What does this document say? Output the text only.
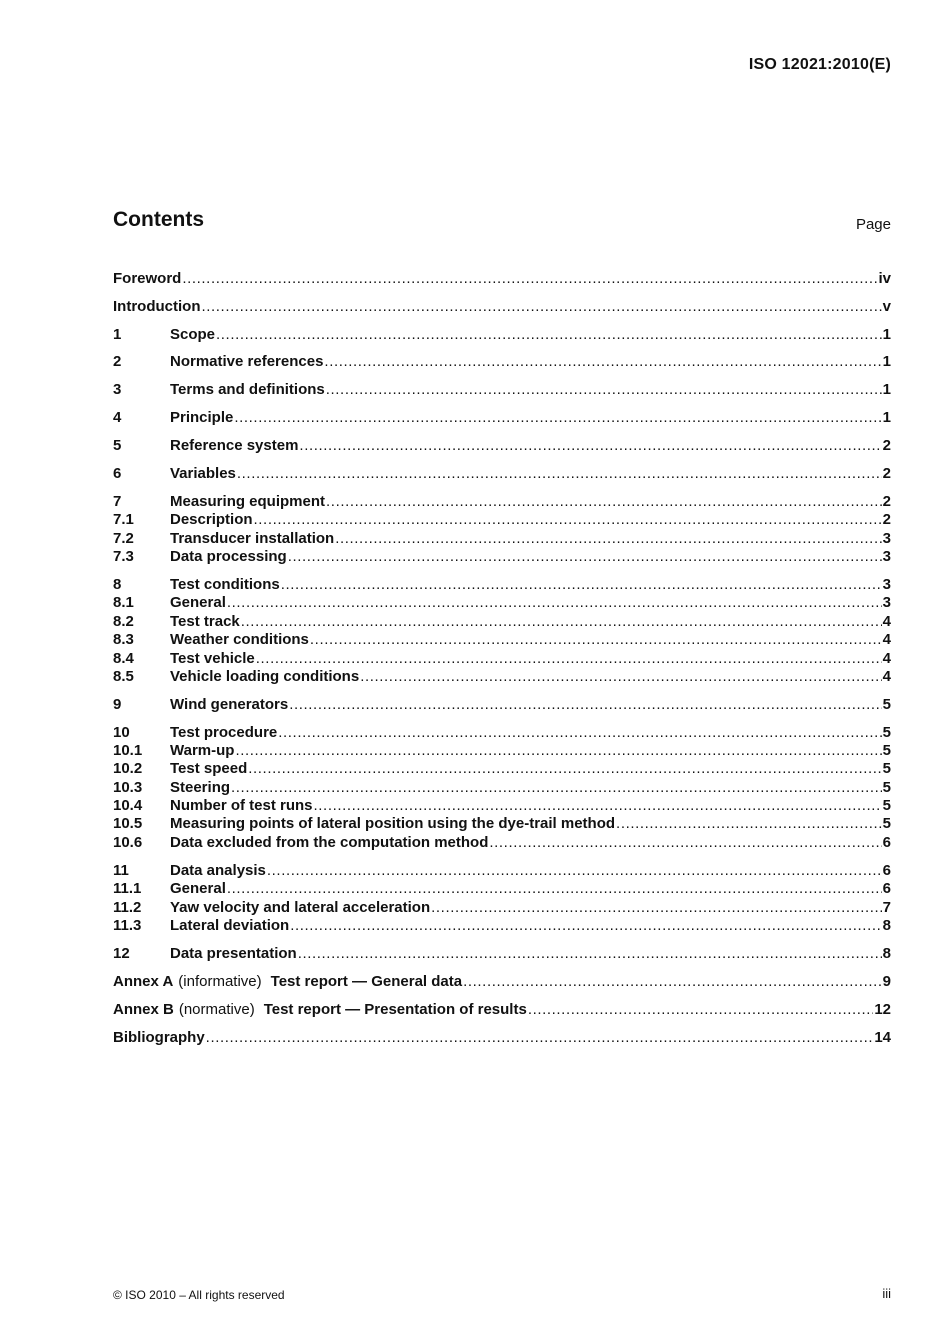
ISO 12021:2010(E)
Contents	Page
Foreword .....	iv
Introduction .....	v
1	Scope .....	1
2	Normative references .....	1
3	Terms and definitions .....	1
4	Principle .....	1
5	Reference system .....	2
6	Variables .....	2
7	Measuring equipment .....	2
7.1	Description .....	2
7.2	Transducer installation .....	3
7.3	Data processing .....	3
8	Test conditions .....	3
8.1	General .....	3
8.2	Test track .....	4
8.3	Weather conditions .....	4
8.4	Test vehicle .....	4
8.5	Vehicle loading conditions .....	4
9	Wind generators .....	5
10	Test procedure .....	5
10.1	Warm-up .....	5
10.2	Test speed .....	5
10.3	Steering .....	5
10.4	Number of test runs .....	5
10.5	Measuring points of lateral position using the dye-trail method .....	5
10.6	Data excluded from the computation method .....	6
11	Data analysis .....	6
11.1	General .....	6
11.2	Yaw velocity and lateral acceleration .....	7
11.3	Lateral deviation .....	8
12	Data presentation .....	8
Annex A (informative) Test report — General data .....	9
Annex B (normative) Test report — Presentation of results .....	12
Bibliography .....	14
© ISO 2010 – All rights reserved	iii
